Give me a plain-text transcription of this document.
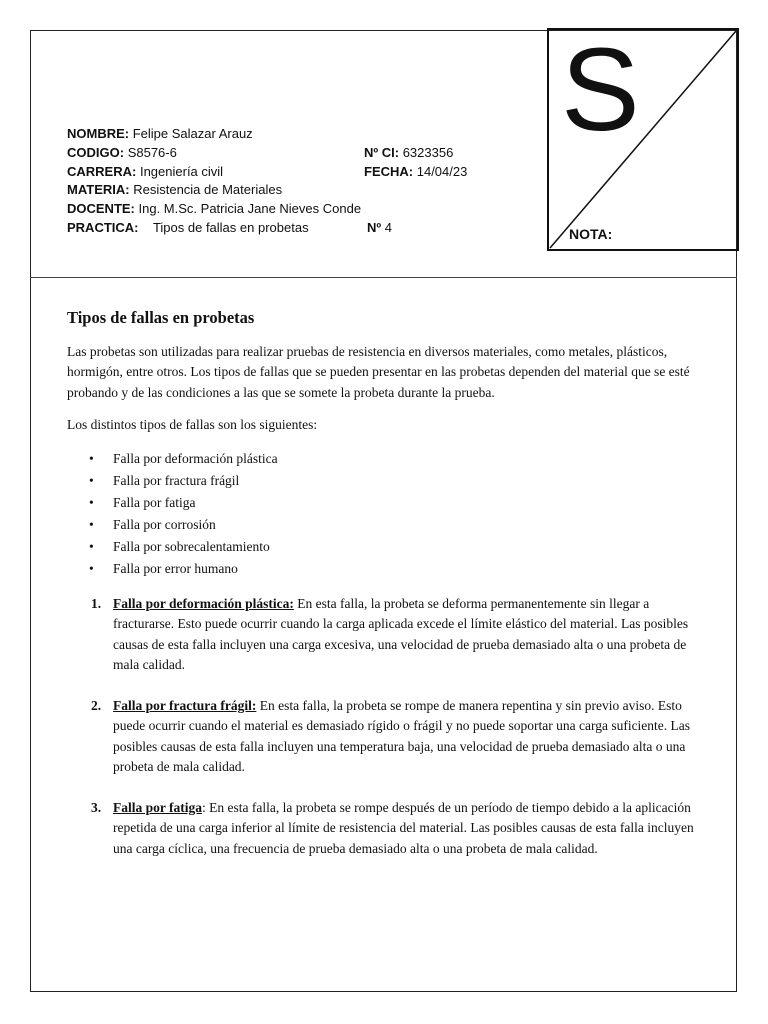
NOMBRE: Felipe Salazar Arauz
CODIGO: S8576-6	Nº CI: 6323356
CARRERA: Ingeniería civil	FECHA: 14/04/23
MATERIA: Resistencia de Materiales
DOCENTE: Ing. M.Sc. Patricia Jane Nieves Conde
PRACTICA: Tipos de fallas en probetas	Nº 4
S
NOTA:
Tipos de fallas en probetas

Las probetas son utilizadas para realizar pruebas de resistencia en diversos materiales, como metales, plásticos, hormigón, entre otros. Los tipos de fallas que se pueden presentar en las probetas dependen del material que se esté probando y de las condiciones a las que se somete la probeta durante la prueba.

Los distintos tipos de fallas son los siguientes:

• Falla por deformación plástica
• Falla por fractura frágil
• Falla por fatiga
• Falla por corrosión
• Falla por sobrecalentamiento
• Falla por error humano
1. Falla por deformación plástica: En esta falla, la probeta se deforma permanentemente sin llegar a fracturarse. Esto puede ocurrir cuando la carga aplicada excede el límite elástico del material. Las posibles causas de esta falla incluyen una carga excesiva, una velocidad de prueba demasiado alta o una probeta de mala calidad.
2. Falla por fractura frágil: En esta falla, la probeta se rompe de manera repentina y sin previo aviso. Esto puede ocurrir cuando el material es demasiado rígido o frágil y no puede soportar una carga suficiente. Las posibles causas de esta falla incluyen una temperatura baja, una velocidad de prueba demasiado alta o una probeta de mala calidad.
3. Falla por fatiga: En esta falla, la probeta se rompe después de un período de tiempo debido a la aplicación repetida de una carga inferior al límite de resistencia del material. Las posibles causas de esta falla incluyen una carga cíclica, una frecuencia de prueba demasiado alta o una probeta de mala calidad.
